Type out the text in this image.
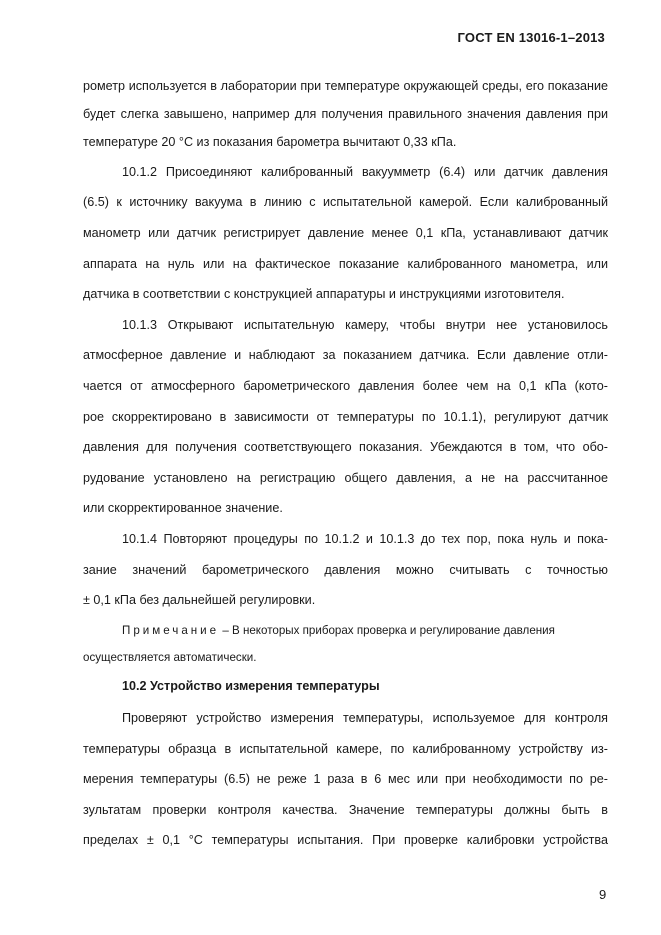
ГОСТ EN 13016-1–2013
рометр используется в лаборатории при температуре окружающей среды, его показание
будет слегка завышено, например для получения правильного значения давления при
температуре 20 °С из показания барометра вычитают 0,33 кПа.
10.1.2 Присоединяют калиброванный вакуумметр (6.4) или датчик давления
(6.5) к источнику вакуума в линию с испытательной камерой. Если калиброванный
манометр или датчик регистрирует давление менее 0,1 кПа, устанавливают датчик
аппарата на нуль или на фактическое показание калиброванного манометра, или
датчика в соответствии с конструкцией аппаратуры и инструкциями изготовителя.
10.1.3 Открывают испытательную камеру, чтобы внутри нее установилось
атмосферное давление и наблюдают за показанием датчика. Если давление отли-
чается от атмосферного барометрического давления более чем на 0,1 кПа (кото-
рое скорректировано в зависимости от температуры по 10.1.1), регулируют датчик
давления для получения соответствующего показания. Убеждаются в том, что обо-
рудование установлено на регистрацию общего давления, а не на рассчитанное
или скорректированное значение.
10.1.4 Повторяют процедуры по 10.1.2 и 10.1.3 до тех пор, пока нуль и пока-
зание значений барометрического давления можно считывать с точностью
± 0,1 кПа без дальнейшей регулировки.
Примечание – В некоторых приборах проверка и регулирование давления
осуществляется автоматически.
10.2 Устройство измерения температуры
Проверяют устройство измерения температуры, используемое для контроля
температуры образца в испытательной камере, по калиброванному устройству из-
мерения температуры (6.5) не реже 1 раза в 6 мес или при необходимости по ре-
зультатам проверки контроля качества. Значение температуры должны быть в
пределах ± 0,1 °С температуры испытания. При проверке калибровки устройства
9
